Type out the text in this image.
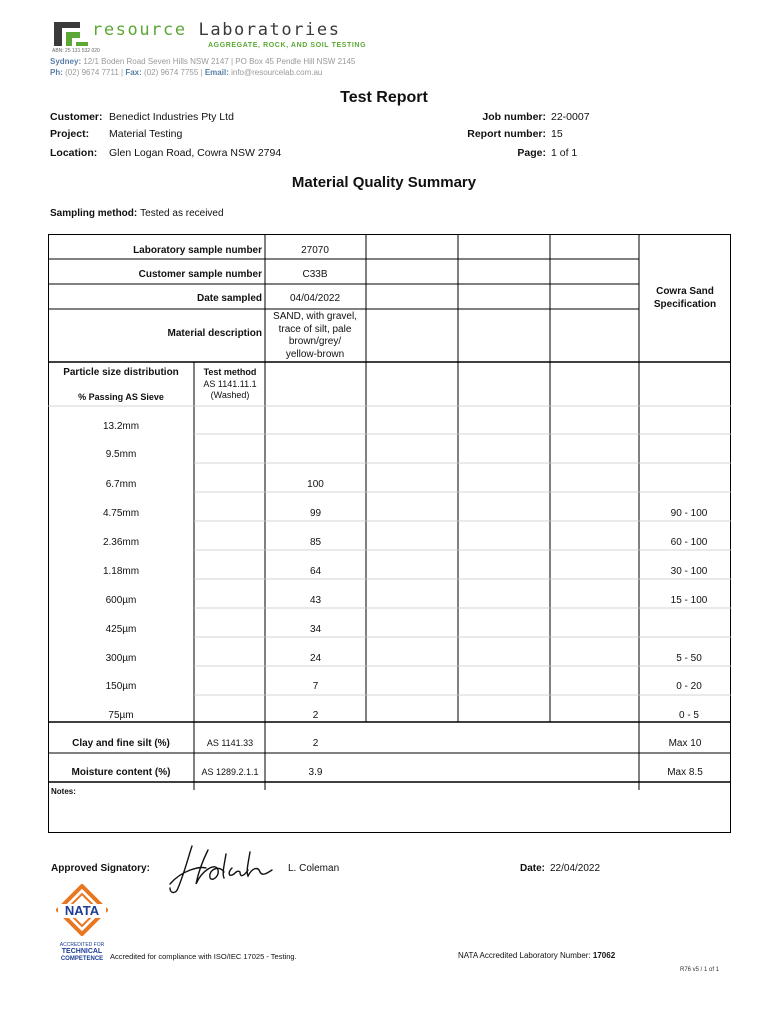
resource Laboratories
AGGREGATE, ROCK, AND SOIL TESTING
ABN: 25 131 532 020
Sydney: 12/1 Boden Road Seven Hills NSW 2147 | PO Box 45 Pendle Hill NSW 2145
Ph: (02) 9674 7711 | Fax: (02) 9674 7755 | Email: info@resourcelab.com.au
Test Report
Customer: Benedict Industries Pty Ltd
Project: Material Testing
Location: Glen Logan Road, Cowra NSW 2794
Job number: 22-0007
Report number: 15
Page: 1 of 1
Material Quality Summary
Sampling method: Tested as received
Laboratory sample number	27070
Customer sample number	C33B
Date sampled	04/04/2022
Material description
SAND, with gravel,
trace of silt, pale
brown/grey/
yellow-brown
Cowra Sand
Specification
Particle size distribution
% Passing AS Sieve
Test method
AS 1141.11.1
(Washed)
13.2mm
9.5mm
6.7mm	100
4.75mm	99	90 - 100
2.36mm	85	60 - 100
1.18mm	64	30 - 100
600µm	43	15 - 100
425µm	34
300µm	24	5 - 50
150µm	7	0 - 20
75µm	2	0 - 5
Clay and fine silt (%)	AS 1141.33	2	Max 10
Moisture content (%)	AS 1289.2.1.1	3.9	Max 8.5
Notes:
Approved Signatory:	L. Coleman	Date: 22/04/2022
NATA
ACCREDITED FOR
TECHNICAL
COMPETENCE Accredited for compliance with ISO/IEC 17025 - Testing.	NATA Accredited Laboratory Number: 17062
R76 v5 / 1 of 1
